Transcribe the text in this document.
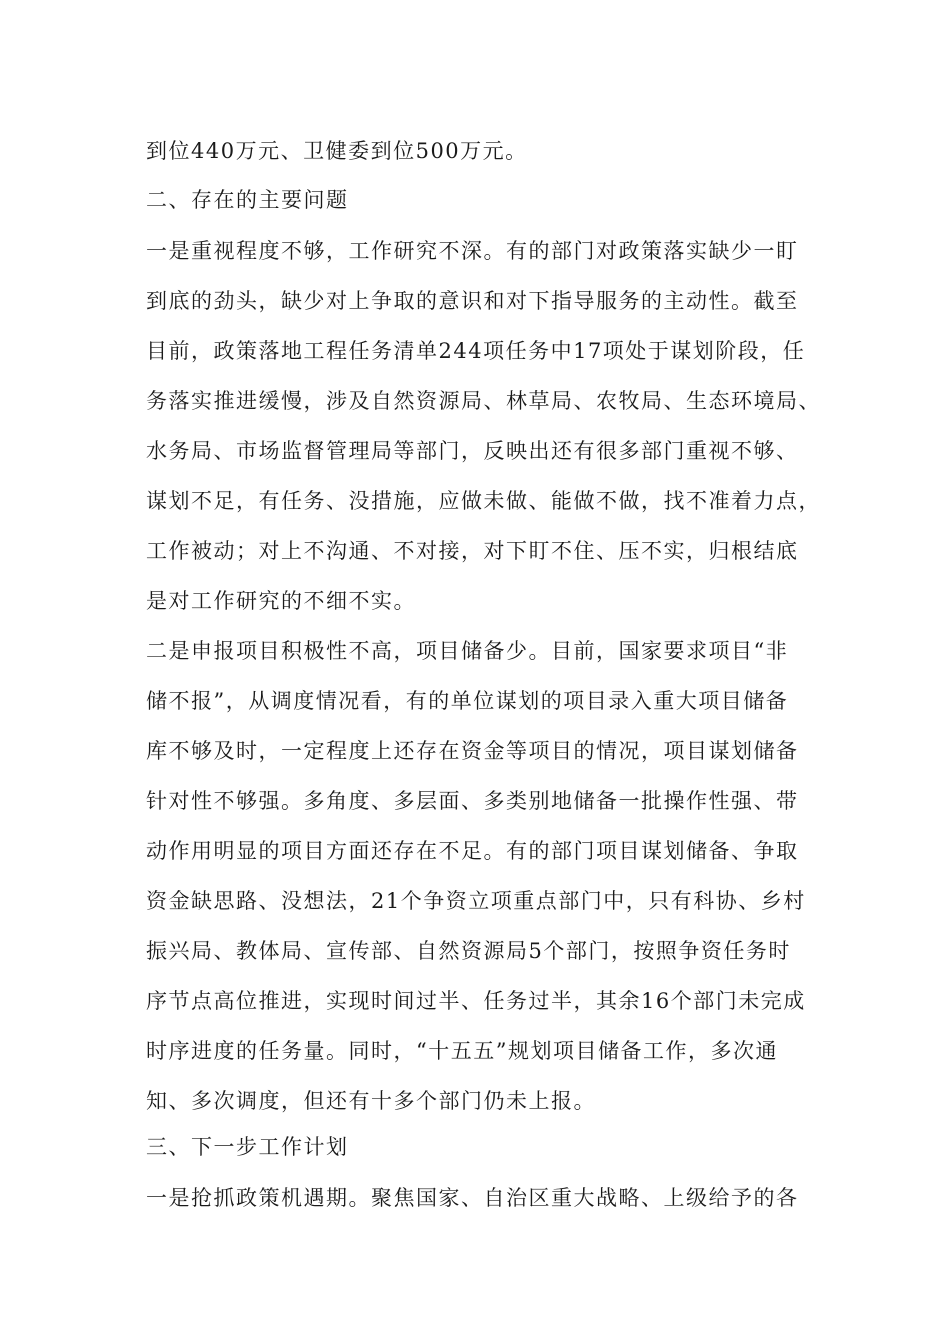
到位440万元、卫健委到位500万元。
二、存在的主要问题
一是重视程度不够，工作研究不深。有的部门对政策落实缺少一盯
到底的劲头，缺少对上争取的意识和对下指导服务的主动性。截至
目前，政策落地工程任务清单244项任务中17项处于谋划阶段，任
务落实推进缓慢，涉及自然资源局、林草局、农牧局、生态环境局、
水务局、市场监督管理局等部门，反映出还有很多部门重视不够、
谋划不足，有任务、没措施，应做未做、能做不做，找不准着力点，
工作被动；对上不沟通、不对接，对下盯不住、压不实，归根结底
是对工作研究的不细不实。
二是申报项目积极性不高，项目储备少。目前，国家要求项目“非
储不报”，从调度情况看，有的单位谋划的项目录入重大项目储备
库不够及时，一定程度上还存在资金等项目的情况，项目谋划储备
针对性不够强。多角度、多层面、多类别地储备一批操作性强、带
动作用明显的项目方面还存在不足。有的部门项目谋划储备、争取
资金缺思路、没想法，21个争资立项重点部门中，只有科协、乡村
振兴局、教体局、宣传部、自然资源局5个部门，按照争资任务时
序节点高位推进，实现时间过半、任务过半，其余16个部门未完成
时序进度的任务量。同时，“十五五”规划项目储备工作，多次通
知、多次调度，但还有十多个部门仍未上报。
三、下一步工作计划
一是抢抓政策机遇期。聚焦国家、自治区重大战略、上级给予的各
